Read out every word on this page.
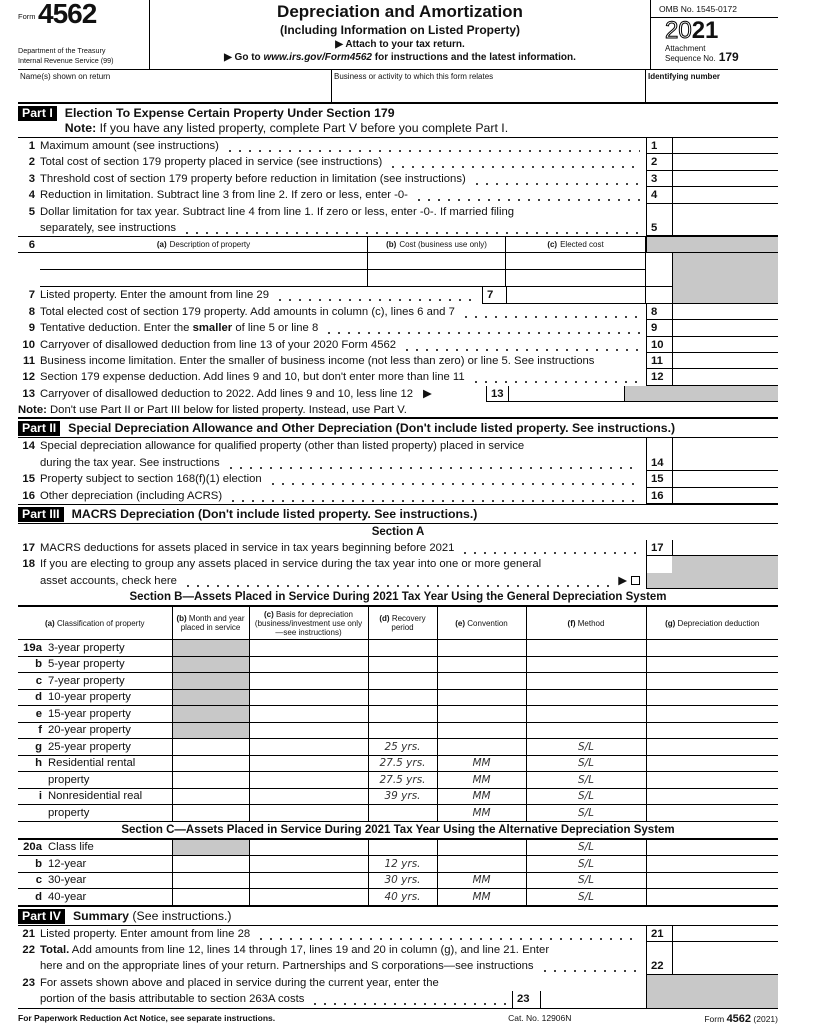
Form 4562
Department of the Treasury
Internal Revenue Service (99)
Depreciation and Amortization
(Including Information on Listed Property)
▶ Attach to your tax return.
▶ Go to www.irs.gov/Form4562 for instructions and the latest information.
OMB No. 1545-0172
2021
Attachment
Sequence No. 179
Name(s) shown on return	Business or activity to which this form relates	Identifying number
Part I Election To Expense Certain Property Under Section 179
Note: If you have any listed property, complete Part V before you complete Part I.
1 Maximum amount (see instructions)	1
2 Total cost of section 179 property placed in service (see instructions)	2
3 Threshold cost of section 179 property before reduction in limitation (see instructions)	3
4 Reduction in limitation. Subtract line 3 from line 2. If zero or less, enter -0-	4
5 Dollar limitation for tax year. Subtract line 4 from line 1. If zero or less, enter -0-. If married filing
separately, see instructions	5
6	(a) Description of property	(b) Cost (business use only)	(c) Elected cost
7 Listed property. Enter the amount from line 29	7
8 Total elected cost of section 179 property. Add amounts in column (c), lines 6 and 7	8
9 Tentative deduction. Enter the smaller of line 5 or line 8	9
10 Carryover of disallowed deduction from line 13 of your 2020 Form 4562	10
11 Business income limitation. Enter the smaller of business income (not less than zero) or line 5. See instructions	11
12 Section 179 expense deduction. Add lines 9 and 10, but don't enter more than line 11	12
13 Carryover of disallowed deduction to 2022. Add lines 9 and 10, less line 12 ▶	13
Note: Don't use Part II or Part III below for listed property. Instead, use Part V.
Part II Special Depreciation Allowance and Other Depreciation (Don't include listed property. See instructions.)
14 Special depreciation allowance for qualified property (other than listed property) placed in service
during the tax year. See instructions	14
15 Property subject to section 168(f)(1) election	15
16 Other depreciation (including ACRS)	16
Part III MACRS Depreciation (Don't include listed property. See instructions.)
Section A
17 MACRS deductions for assets placed in service in tax years beginning before 2021	17
18 If you are electing to group any assets placed in service during the tax year into one or more general
asset accounts, check here	▶
Section B—Assets Placed in Service During 2021 Tax Year Using the General Depreciation System
(a) Classification of property	(b) Month and year placed in service	(c) Basis for depreciation (business/investment use only—see instructions)	(d) Recovery period	(e) Convention	(f) Method	(g) Depreciation deduction
19a 3-year property						
b 5-year property						
c 7-year property						
d 10-year property						
e 15-year property						
f 20-year property						
g 25-year property			25 yrs.		S/L	
h Residential rental			27.5 yrs.	MM	S/L	
property			27.5 yrs.	MM	S/L	
i Nonresidential real			39 yrs.	MM	S/L	
property				MM	S/L	
Section C—Assets Placed in Service During 2021 Tax Year Using the Alternative Depreciation System
20a Class life					S/L	
b 12-year			12 yrs.		S/L	
c 30-year			30 yrs.	MM	S/L	
d 40-year			40 yrs.	MM	S/L	
Part IV Summary (See instructions.)
21 Listed property. Enter amount from line 28	21
22 Total. Add amounts from line 12, lines 14 through 17, lines 19 and 20 in column (g), and line 21. Enter
here and on the appropriate lines of your return. Partnerships and S corporations—see instructions	22
23 For assets shown above and placed in service during the current year, enter the
portion of the basis attributable to section 263A costs	23
For Paperwork Reduction Act Notice, see separate instructions.	Cat. No. 12906N	Form 4562 (2021)
